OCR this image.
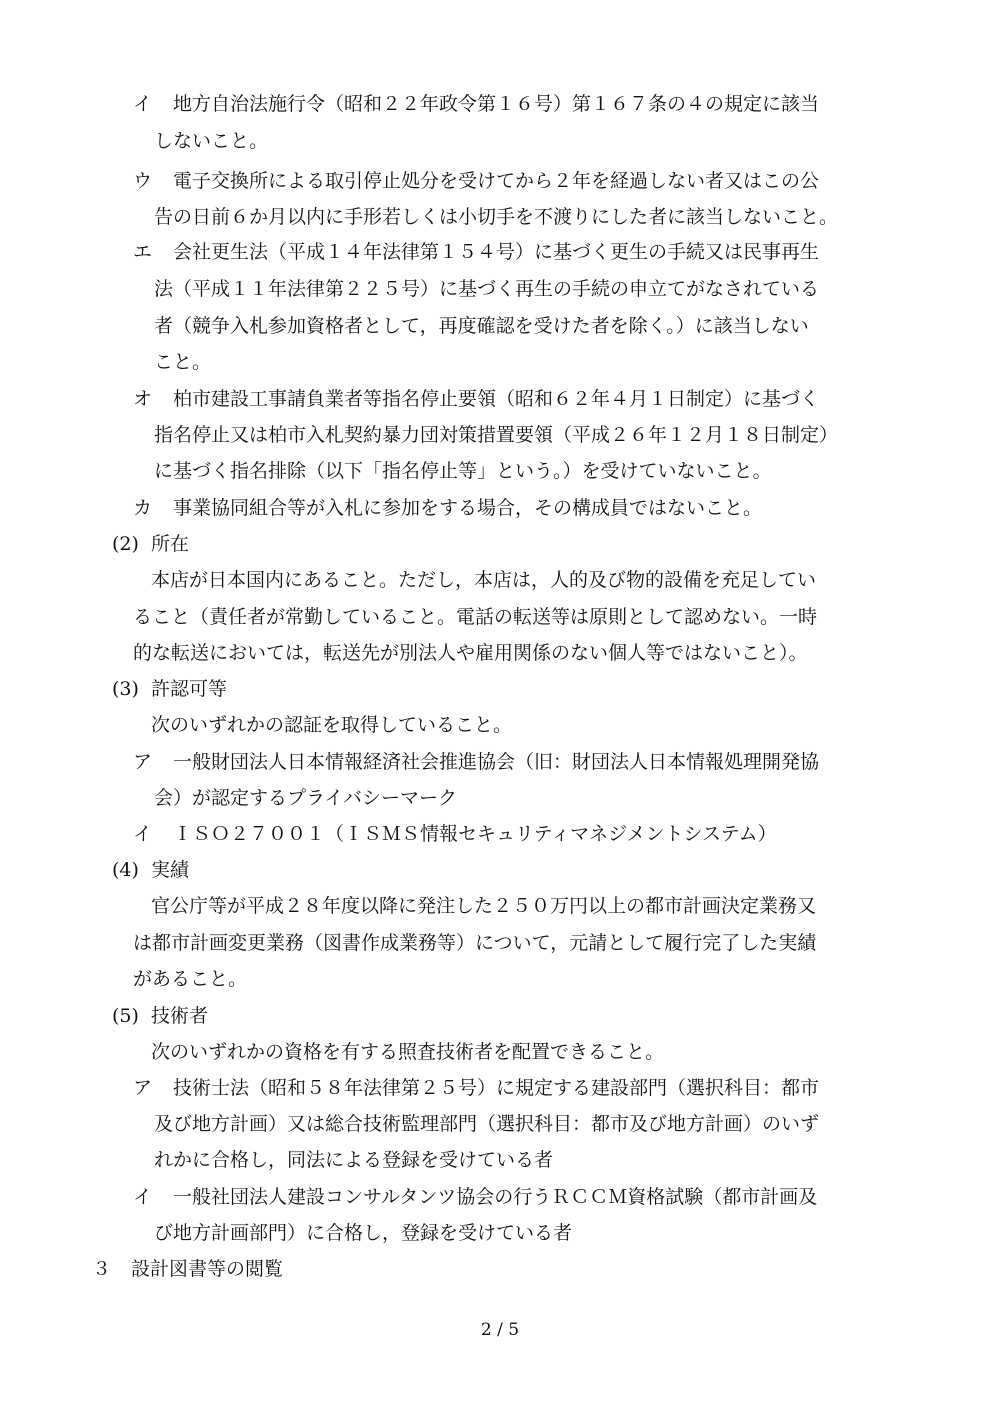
イ 地方自治法施行令（昭和２２年政令第１６号）第１６７条の４の規定に該当
しないこと。
ウ 電子交換所による取引停止処分を受けてから２年を経過しない者又はこの公
告の日前６か月以内に手形若しくは小切手を不渡りにした者に該当しないこと。
エ 会社更生法（平成１４年法律第１５４号）に基づく更生の手続又は民事再生
法（平成１１年法律第２２５号）に基づく再生の手続の申立てがなされている
者（競争入札参加資格者として，再度確認を受けた者を除く。）に該当しない
こと。
オ 柏市建設工事請負業者等指名停止要領（昭和６２年４月１日制定）に基づく
指名停止又は柏市入札契約暴力団対策措置要領（平成２６年１２月１８日制定）
に基づく指名排除（以下「指名停止等」という。）を受けていないこと。
カ 事業協同組合等が入札に参加をする場合，その構成員ではないこと。
(2) 所在
本店が日本国内にあること。ただし，本店は，人的及び物的設備を充足してい
ること（責任者が常勤していること。電話の転送等は原則として認めない。一時
的な転送においては，転送先が別法人や雇用関係のない個人等ではないこと）。
(3) 許認可等
次のいずれかの認証を取得していること。
ア 一般財団法人日本情報経済社会推進協会（旧：財団法人日本情報処理開発協
会）が認定するプライバシーマーク
イ ＩＳＯ２７００１（ＩＳＭＳ情報セキュリティマネジメントシステム）
(4) 実績
官公庁等が平成２８年度以降に発注した２５０万円以上の都市計画決定業務又
は都市計画変更業務（図書作成業務等）について，元請として履行完了した実績
があること。
(5) 技術者
次のいずれかの資格を有する照査技術者を配置できること。
ア 技術士法（昭和５８年法律第２５号）に規定する建設部門（選択科目：都市
及び地方計画）又は総合技術監理部門（選択科目：都市及び地方計画）のいず
れかに合格し，同法による登録を受けている者
イ 一般社団法人建設コンサルタンツ協会の行うＲＣＣＭ資格試験（都市計画及
び地方計画部門）に合格し，登録を受けている者
３ 設計図書等の閲覧
2 / 5
